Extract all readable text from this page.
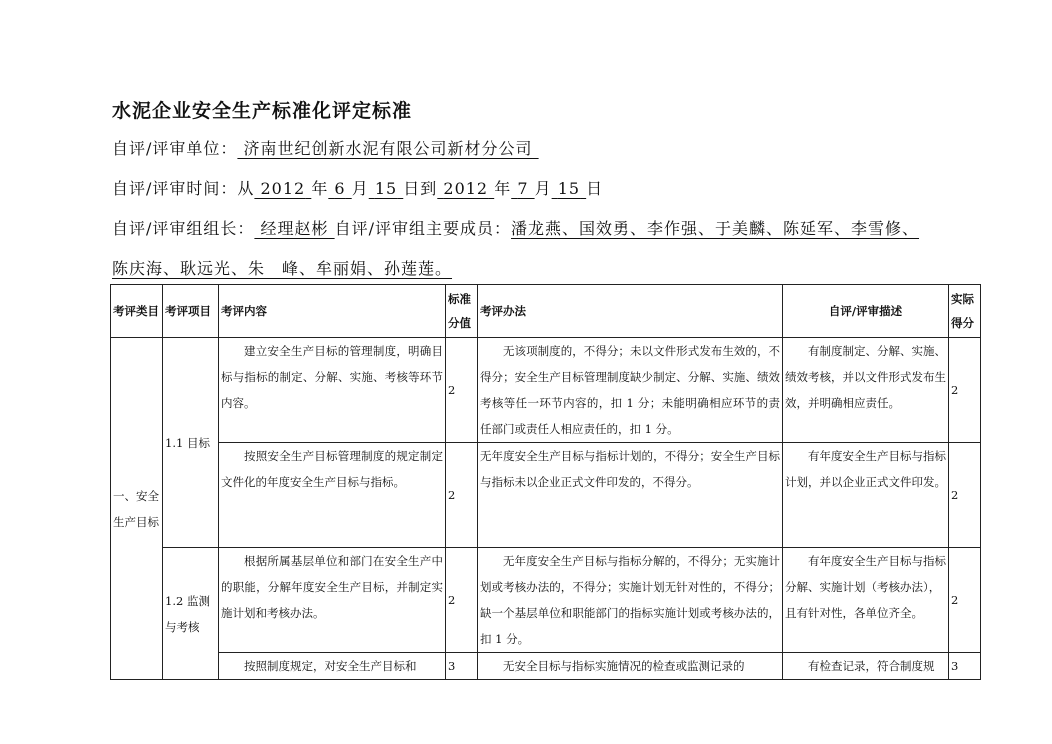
水泥企业安全生产标准化评定标准
自评/评审单位： 济南世纪创新水泥有限公司新材分公司
自评/评审时间：从 2012 年 6 月 15 日到 2012 年 7 月 15 日
自评/评审组组长： 经理赵彬 自评/评审组主要成员：潘龙燕、国效勇、李作强、于美麟、陈延军、李雪修、
陈庆海、耿远光、朱　峰、牟丽娟、孙莲莲。
考评类目	考评项目	考评内容	标准分值	考评办法	自评/评审描述	实际得分
一、安全生产目标	1.1 目标	建立安全生产目标的管理制度，明确目标与指标的制定、分解、实施、考核等环节内容。	2	无该项制度的，不得分；未以文件形式发布生效的，不得分；安全生产目标管理制度缺少制定、分解、实施、绩效考核等任一环节内容的，扣 1 分；未能明确相应环节的责任部门或责任人相应责任的，扣 1 分。	有制度制定、分解、实施、绩效考核，并以文件形式发布生效，并明确相应责任。	2

		按照安全生产目标管理制度的规定制定文件化的年度安全生产目标与指标。	2	无年度安全生产目标与指标计划的，不得分；安全生产目标与指标未以企业正式文件印发的，不得分。	有年度安全生产目标与指标计划，并以企业正式文件印发。	2
	1.2 监测与考核	根据所属基层单位和部门在安全生产中的职能，分解年度安全生产目标，并制定实施计划和考核办法。	2	无年度安全生产目标与指标分解的，不得分；无实施计划或考核办法的，不得分；实施计划无针对性的，不得分；缺一个基层单位和职能部门的指标实施计划或考核办法的，扣 1 分。	有年度安全生产目标与指标分解、实施计划（考核办法），且有针对性，各单位齐全。	2

		按照制度规定，对安全生产目标和	3	无安全目标与指标实施情况的检查或监测记录的	有检查记录，符合制度规	3
